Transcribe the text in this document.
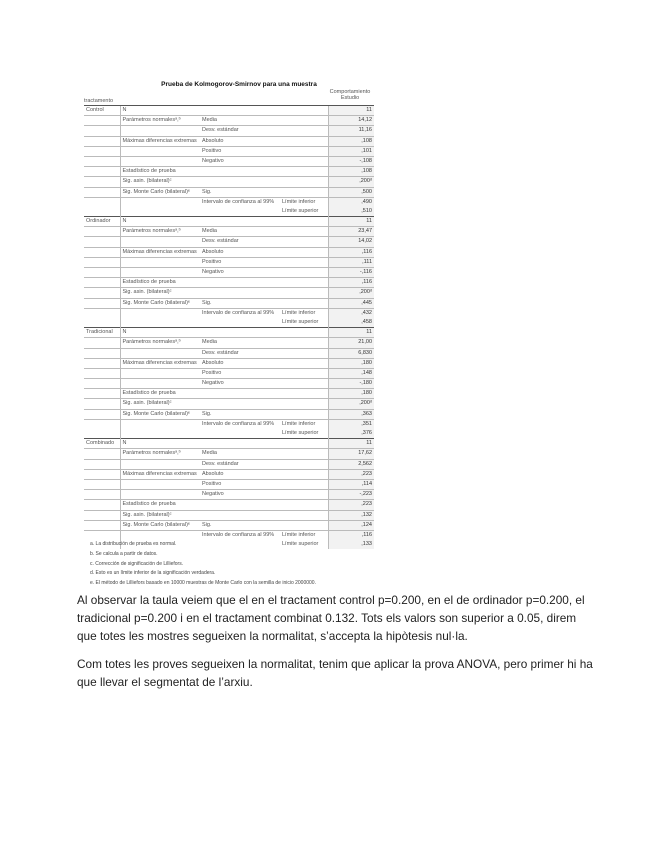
Prueba de Kolmogorov-Smirnov para una muestra
tractamento
Comportamiento Estudio
Control	N			11
	Parámetros normalesᵃ,ᵇ	Media		14,12
		Desv. estándar		11,16
	Máximas diferencias extremas	Absoluto		,108
		Positivo		,101
		Negativo		-,108
	Estadístico de prueba			,108
	Sig. asin. (bilateral)ᶜ			,200ᵈ
	Sig. Monte Carlo (bilateral)ᵉ	Sig.		,500
		Intervalo de confianza al 99%	Límite inferior	,490
			Límite superior	,510
Ordinador	N			11
	Parámetros normalesᵃ,ᵇ	Media		23,47
		Desv. estándar		14,02
	Máximas diferencias extremas	Absoluto		,116
		Positivo		,111
		Negativo		-,116
	Estadístico de prueba			,116
	Sig. asin. (bilateral)ᶜ			,200ᵈ
	Sig. Monte Carlo (bilateral)ᵉ	Sig.		,445
		Intervalo de confianza al 99%	Límite inferior	,432
			Límite superior	,458
Tradicional	N			11
	Parámetros normalesᵃ,ᵇ	Media		21,00
		Desv. estándar		6,830
	Máximas diferencias extremas	Absoluto		,180
		Positivo		,148
		Negativo		-,180
	Estadístico de prueba			,180
	Sig. asin. (bilateral)ᶜ			,200ᵈ
	Sig. Monte Carlo (bilateral)ᵉ	Sig.		,363
		Intervalo de confianza al 99%	Límite inferior	,351
			Límite superior	,376
Combinado	N			11
	Parámetros normalesᵃ,ᵇ	Media		17,62
		Desv. estándar		2,562
	Máximas diferencias extremas	Absoluto		,223
		Positivo		,114
		Negativo		-,223
	Estadístico de prueba			,223
	Sig. asin. (bilateral)ᶜ			,132
	Sig. Monte Carlo (bilateral)ᵉ	Sig.		,124
		Intervalo de confianza al 99%	Límite inferior	,116
			Límite superior	,133
a. La distribución de prueba es normal.
b. Se calcula a partir de datos.
c. Corrección de significación de Lilliefors.
d. Esto es un límite inferior de la significación verdadera.
e. El método de Lilliefors basado en 10000 muestras de Monte Carlo con la semilla de inicio 2000000.
Al observar la taula veiem que el en el tractament control p=0.200, en el de ordinador p=0.200, el tradicional p=0.200 i en el tractament combinat 0.132. Tots els valors son superior a 0.05, direm que totes les mostres segueixen la normalitat, s’accepta la hipòtesis nul·la.
Com totes les proves segueixen la normalitat, tenim que aplicar la prova ANOVA, pero primer hi ha que llevar el segmentat de l’arxiu.
